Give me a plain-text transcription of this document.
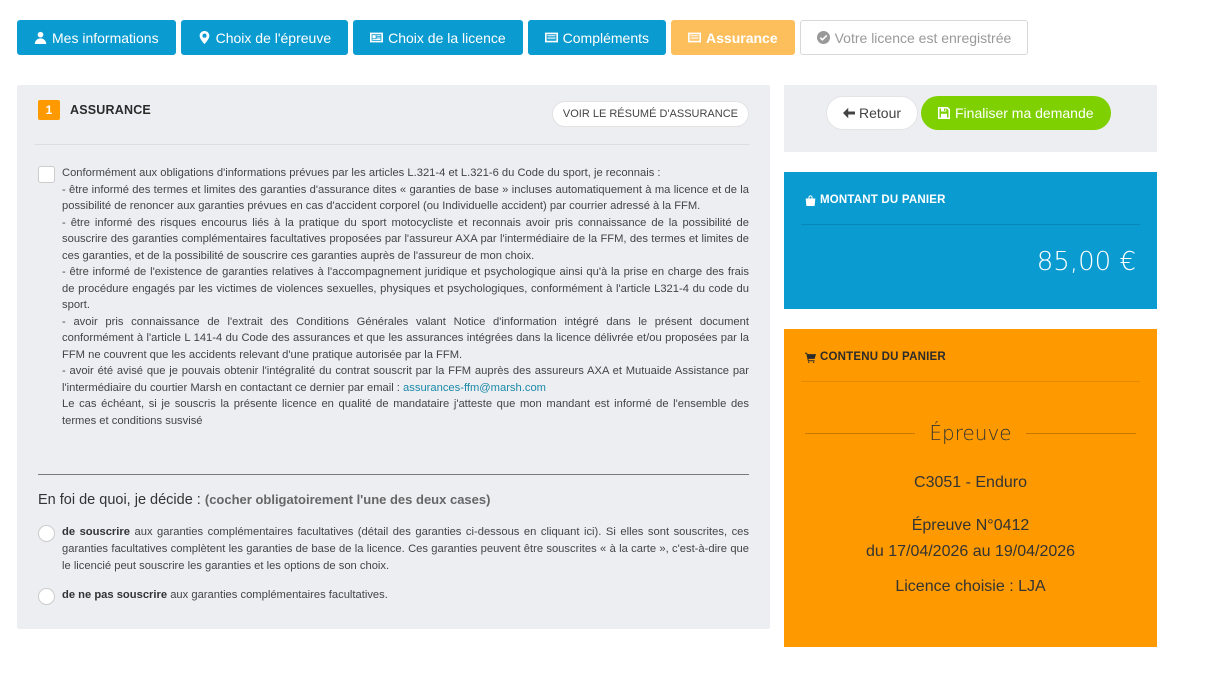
Mes informations	Choix de l'épreuve	Choix de la licence	Compléments	Assurance	Votre licence est enregistrée
1	ASSURANCE	VOIR LE RÉSUMÉ D'ASSURANCE

Conformément aux obligations d'informations prévues par les articles L.321-4 et L.321-6 du Code du sport, je reconnais :

- être informé des termes et limites des garanties d'assurance dites « garanties de base » incluses automatiquement à ma licence et de la possibilité de renoncer aux garanties prévues en cas d'accident corporel (ou Individuelle accident) par courrier adressé à la FFM.

- être informé des risques encourus liés à la pratique du sport motocycliste et reconnais avoir pris connaissance de la possibilité de souscrire des garanties complémentaires facultatives proposées par l'assureur AXA par l'intermédiaire de la FFM, des termes et limites de ces garanties, et de la possibilité de souscrire ces garanties auprès de l'assureur de mon choix.

- être informé de l'existence de garanties relatives à l'accompagnement juridique et psychologique ainsi qu'à la prise en charge des frais de procédure engagés par les victimes de violences sexuelles, physiques et psychologiques, conformément à l'article L321-4 du code du sport.

- avoir pris connaissance de l'extrait des Conditions Générales valant Notice d'information intégré dans le présent document conformément à l'article L 141-4 du Code des assurances et que les assurances intégrées dans la licence délivrée et/ou proposées par la FFM ne couvrent que les accidents relevant d'une pratique autorisée par la FFM.

- avoir été avisé que je pouvais obtenir l'intégralité du contrat souscrit par la FFM auprès des assureurs AXA et Mutuaide Assistance par l'intermédiaire du courtier Marsh en contactant ce dernier par email : assurances-ffm@marsh.com

Le cas échéant, si je souscris la présente licence en qualité de mandataire j'atteste que mon mandant est informé de l'ensemble des termes et conditions susvisé

En foi de quoi, je décide : (cocher obligatoirement l'une des deux cases)
de souscrire aux garanties complémentaires facultatives (détail des garanties ci-dessous en cliquant ici). Si elles sont souscrites, ces garanties facultatives complètent les garanties de base de la licence. Ces garanties peuvent être souscrites « à la carte », c'est-à-dire que le licencié peut souscrire les garanties et les options de son choix.
de ne pas souscrire aux garanties complémentaires facultatives.
Retour	Finaliser ma demande
MONTANT DU PANIER
85,00 €
CONTENU DU PANIER
Épreuve
C3051 - Enduro
Épreuve N°0412
du 17/04/2026 au 19/04/2026
Licence choisie : LJA
